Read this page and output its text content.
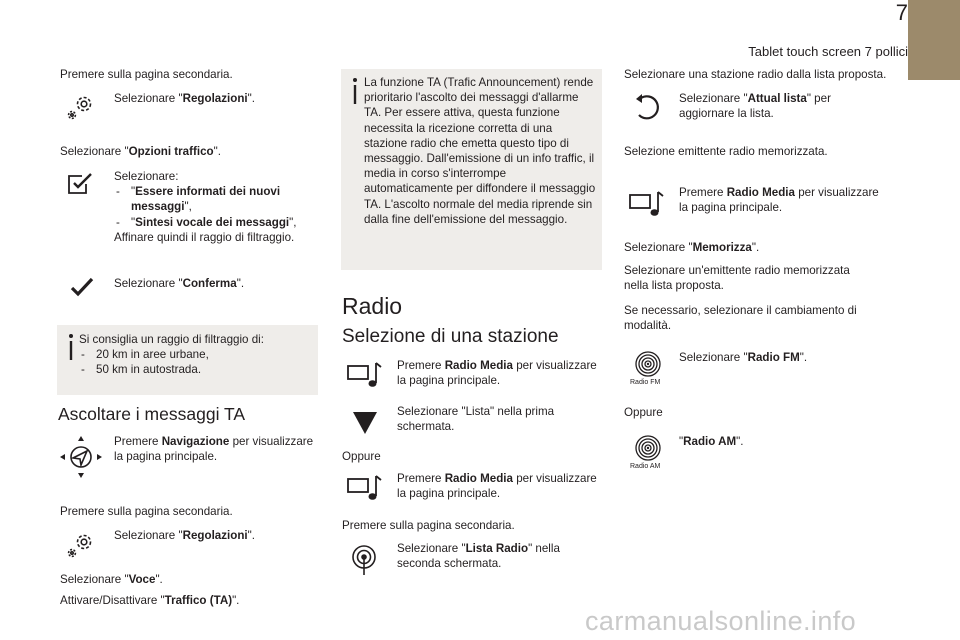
7
Tablet touch screen 7 pollici
Premere sulla pagina secondaria.
Selezionare "Regolazioni".
Selezionare "Opzioni traffico".
Selezionare:
- "Essere informati dei nuovi messaggi",
- "Sintesi vocale dei messaggi",
Affinare quindi il raggio di filtraggio.
Selezionare "Conferma".
Si consiglia un raggio di filtraggio di:
- 20 km in aree urbane,
- 50 km in autostrada.
Ascoltare i messaggi TA
Premere Navigazione per visualizzare la pagina principale.
Premere sulla pagina secondaria.
Selezionare "Regolazioni".
Selezionare "Voce".
Attivare/Disattivare "Traffico (TA)".
La funzione TA (Trafic Announcement) rende prioritario l'ascolto dei messaggi d'allarme TA. Per essere attiva, questa funzione necessita la ricezione corretta di una stazione radio che emetta questo tipo di messaggio. Dall'emissione di un info traffic, il media in corso s'interrompe automaticamente per diffondere il messaggio TA. L'ascolto normale del media riprende sin dalla fine dell'emissione del messaggio.
Radio
Selezione di una stazione
Premere Radio Media per visualizzare la pagina principale.
Selezionare "Lista" nella prima schermata.
Oppure
Premere Radio Media per visualizzare la pagina principale.
Premere sulla pagina secondaria.
Selezionare "Lista Radio" nella seconda schermata.
Selezionare una stazione radio dalla lista proposta.
Selezionare "Attual lista" per aggiornare la lista.
Selezione emittente radio memorizzata.
Premere Radio Media per visualizzare la pagina principale.
Selezionare "Memorizza".
Selezionare un'emittente radio memorizzata nella lista proposta.
Se necessario, selezionare il cambiamento di modalità.
Radio FM
Selezionare "Radio FM".
Oppure
Radio AM
"Radio AM".
carmanualsonline.info
